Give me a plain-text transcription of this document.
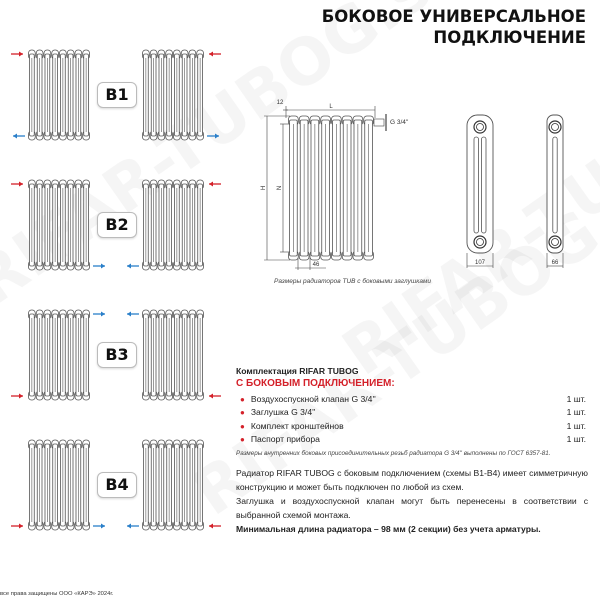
БОКОВОЕ УНИВЕРСАЛЬНОЕ
ПОДКЛЮЧЕНИЕ
L
12
H N
46
G 3/4''
107	66
B1
B2
B3
B4
Размеры радиаторов TUB с боковыми заглушками
Комплектация RIFAR TUBOG
С БОКОВЫМ ПОДКЛЮЧЕНИЕМ:
● Воздухоспускной клапан G 3/4''	1 шт.
● Заглушка G 3/4''	1 шт.
● Комплект кронштейнов	1 шт.
● Паспорт прибора	1 шт.
Размеры внутренних боковых присоединительных резьб радиатора G 3/4'' выполнены по ГОСТ 6357-81.

Радиатор RIFAR TUBOG с боковым подключением (схемы B1-B4) имеет симметричную конструкцию и может быть подключен по любой из схем.

Заглушка и воздухоспускной клапан могут быть перенесены в соответствии с выбранной схемой монтажа.

Минимальная длина радиатора – 98 мм (2 секции) без учета арматуры.

все права защищены ООО «КАРЭ» 2024г.
